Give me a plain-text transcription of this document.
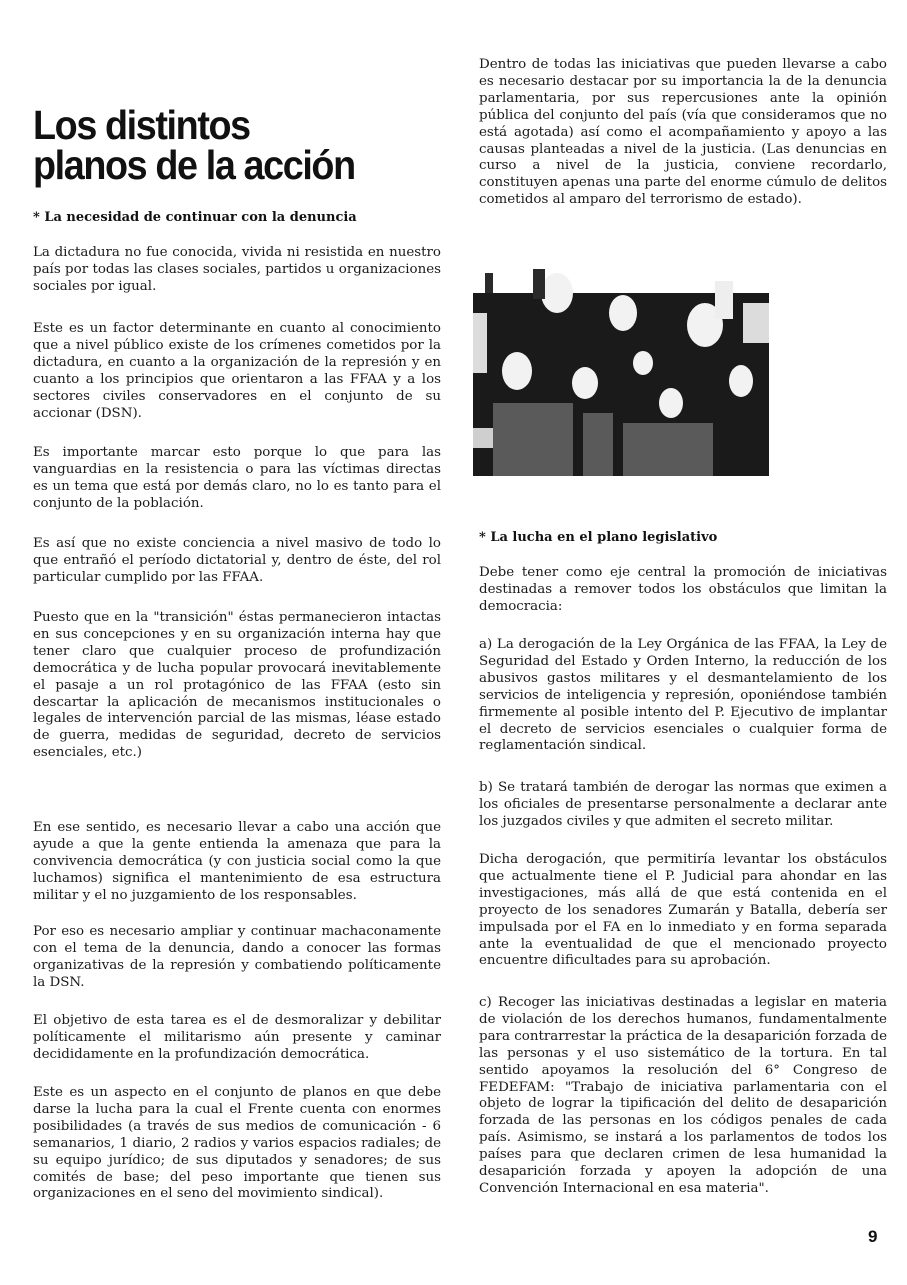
Los distintos planos de la acción
* La necesidad de continuar con la denuncia

La dictadura no fue conocida, vivida ni resistida en nuestro país por todas las clases sociales, partidos u organizaciones sociales por igual.

Este es un factor determinante en cuanto al conocimiento que a nivel público existe de los crímenes cometidos por la dictadura, en cuanto a la organización de la represión y en cuanto a los principios que orientaron a las FFAA y a los sectores civiles conservadores en el conjunto de su accionar (DSN).

Es importante marcar esto porque lo que para las vanguardias en la resistencia o para las víctimas directas es un tema que está por demás claro, no lo es tanto para el conjunto de la población.

Es así que no existe conciencia a nivel masivo de todo lo que entrañó el período dictatorial y, dentro de éste, del rol particular cumplido por las FFAA.

Puesto que en la "transición" éstas permanecieron intactas en sus concepciones y en su organización interna hay que tener claro que cualquier proceso de profundización democrática y de lucha popular provocará inevitablemente el pasaje a un rol protagónico de las FFAA (esto sin descartar la aplicación de mecanismos institucionales o legales de intervención parcial de las mismas, léase estado de guerra, medidas de seguridad, decreto de servicios esenciales, etc.)

En ese sentido, es necesario llevar a cabo una acción que ayude a que la gente entienda la amenaza que para la convivencia democrática (y con justicia social como la que luchamos) significa el mantenimiento de esa estructura militar y el no juzgamiento de los responsables.

Por eso es necesario ampliar y continuar machaconamente con el tema de la denuncia, dando a conocer las formas organizativas de la represión y combatiendo políticamente la DSN.

El objetivo de esta tarea es el de desmoralizar y debilitar políticamente el militarismo aún presente y caminar decididamente en la profundización democrática.

Este es un aspecto en el conjunto de planos en que debe darse la lucha para la cual el Frente cuenta con enormes posibilidades (a través de sus medios de comunicación - 6 semanarios, 1 diario, 2 radios y varios espacios radiales; de su equipo jurídico; de sus diputados y senadores; de sus comités de base; del peso importante que tienen sus organizaciones en el seno del movimiento sindical).

Dentro de todas las iniciativas que pueden llevarse a cabo es necesario destacar por su importancia la de la denuncia parlamentaria, por sus repercusiones ante la opinión pública del conjunto del país (vía que consideramos que no está agotada) así como el acompañamiento y apoyo a las causas planteadas a nivel de la justicia. (Las denuncias en curso a nivel de la justicia, conviene recordarlo, constituyen apenas una parte del enorme cúmulo de delitos cometidos al amparo del terrorismo de estado).

* La lucha en el plano legislativo

Debe tener como eje central la promoción de iniciativas destinadas a remover todos los obstáculos que limitan la democracia:

a) La derogación de la Ley Orgánica de las FFAA, la Ley de Seguridad del Estado y Orden Interno, la reducción de los abusivos gastos militares y el desmantelamiento de los servicios de inteligencia y represión, oponiéndose también firmemente al posible intento del P. Ejecutivo de implantar el decreto de servicios esenciales o cualquier forma de reglamentación sindical.

b) Se tratará también de derogar las normas que eximen a los oficiales de presentarse personalmente a declarar ante los juzgados civiles y que admiten el secreto militar.

Dicha derogación, que permitiría levantar los obstáculos que actualmente tiene el P. Judicial para ahondar en las investigaciones, más allá de que está contenida en el proyecto de los senadores Zumarán y Batalla, debería ser impulsada por el FA en lo inmediato y en forma separada ante la eventualidad de que el mencionado proyecto encuentre dificultades para su aprobación.

c) Recoger las iniciativas destinadas a legislar en materia de violación de los derechos humanos, fundamentalmente para contrarrestar la práctica de la desaparición forzada de las personas y el uso sistemático de la tortura. En tal sentido apoyamos la resolución del 6° Congreso de FEDEFAM: "Trabajo de iniciativa parlamentaria con el objeto de lograr la tipificación del delito de desaparición forzada de las personas en los códigos penales de cada país. Asimismo, se instará a los parlamentos de todos los países para que declaren crimen de lesa humanidad la desaparición forzada y apoyen la adopción de una Convención Internacional en esa materia".

9
